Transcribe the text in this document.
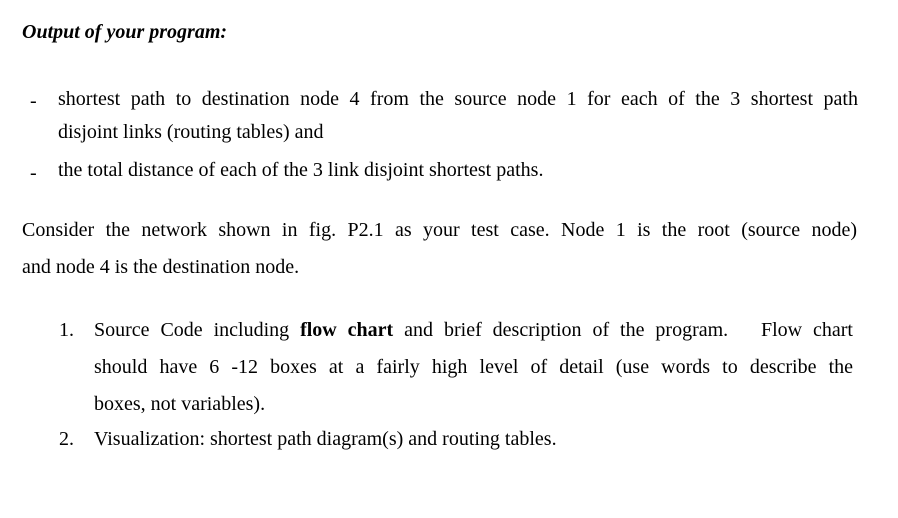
Output of your program:
- shortest path to destination node 4 from the source node 1 for each of the 3 shortest path
disjoint links (routing tables) and
- the total distance of each of the 3 link disjoint shortest paths.
Consider the network shown in fig. P2.1 as your test case. Node 1 is the root (source node)
and node 4 is the destination node.
1. Source Code including flow chart and brief description of the program.   Flow chart
should have 6 -12 boxes at a fairly high level of detail (use words to describe the
boxes, not variables).
2. Visualization: shortest path diagram(s) and routing tables.
